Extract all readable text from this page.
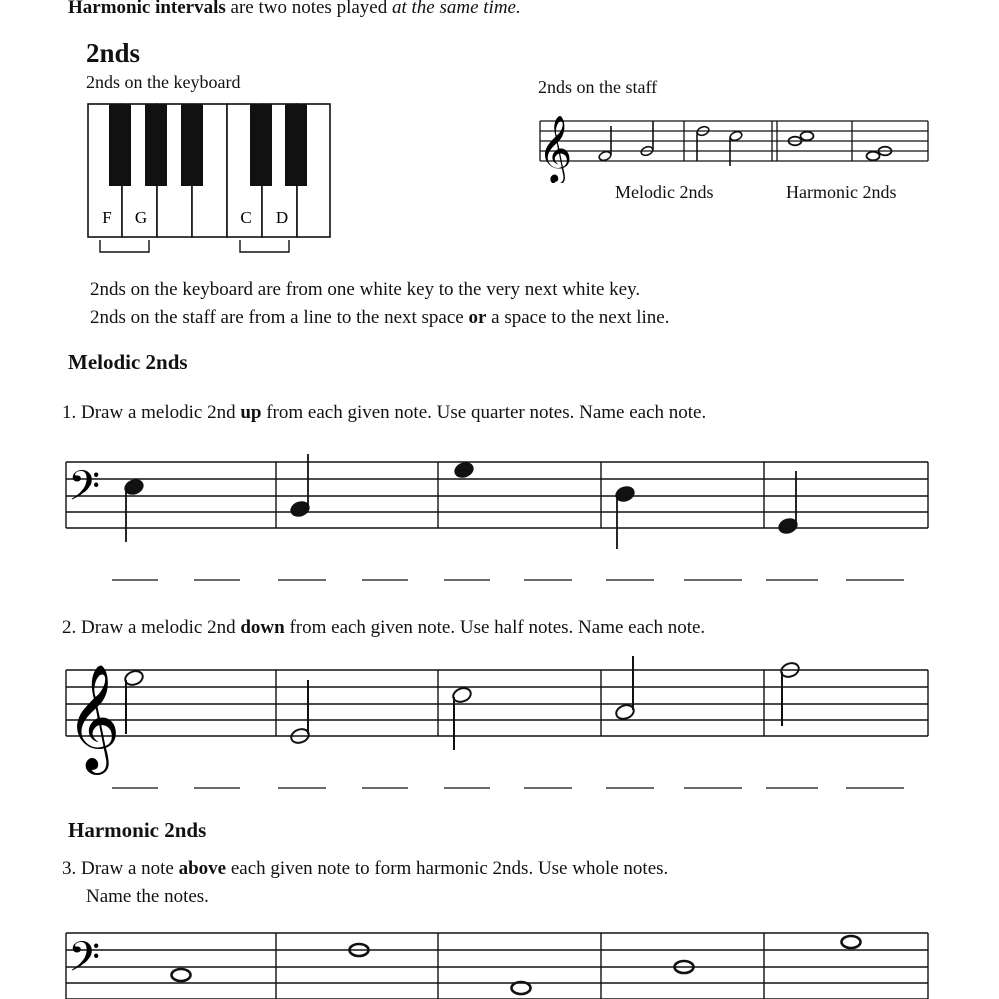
Harmonic intervals are two notes played at the same time.
2nds
2nds on the keyboard	2nds on the staff
F G	C D
𝄞
Melodic 2nds	Harmonic 2nds
2nds on the keyboard are from one white key to the very next white key.
2nds on the staff are from a line to the next space or a space to the next line.
Melodic 2nds
1. Draw a melodic 2nd up from each given note. Use quarter notes. Name each note.
𝄢
2. Draw a melodic 2nd down from each given note. Use half notes. Name each note.
𝄞
Harmonic 2nds
3. Draw a note above each given note to form harmonic 2nds. Use whole notes.
Name the notes.
𝄢
